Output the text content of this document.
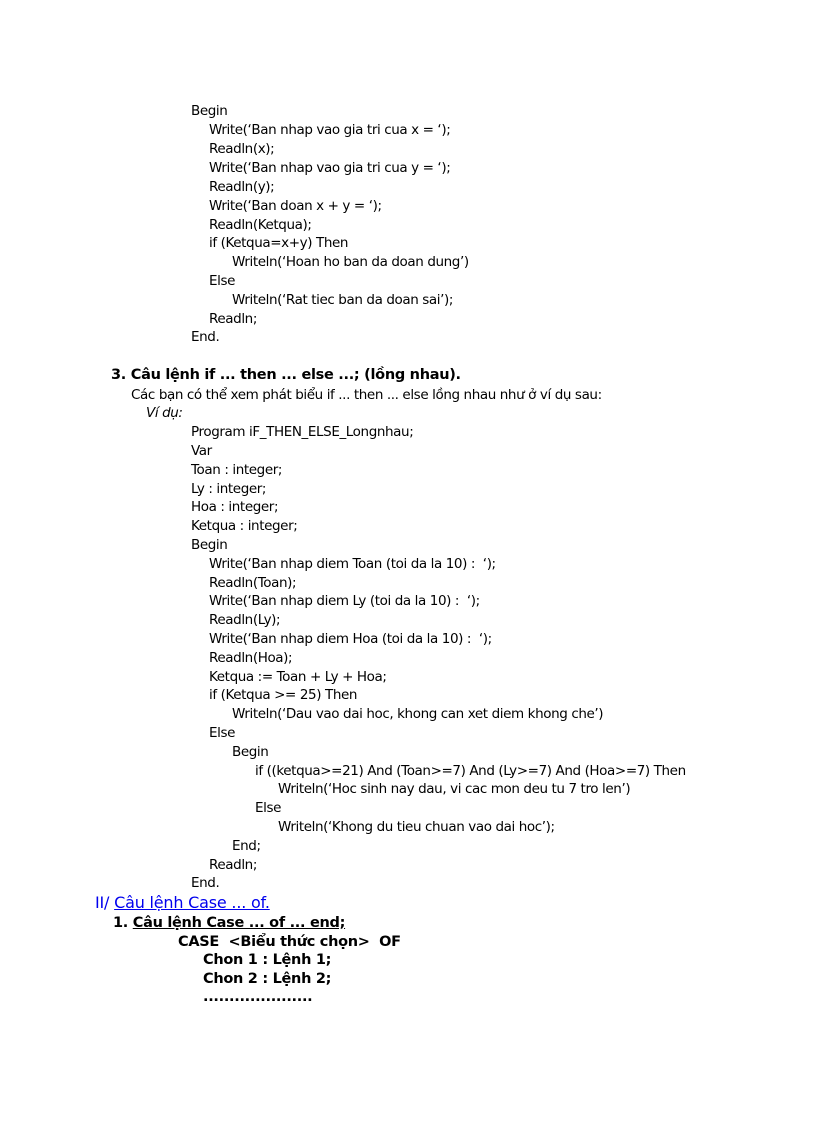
Begin
Write(‘Ban nhap vao gia tri cua x = ‘);
Readln(x);
Write(‘Ban nhap vao gia tri cua y = ‘);
Readln(y);
Write(‘Ban doan x + y = ‘);
Readln(Ketqua);
if (Ketqua=x+y) Then
Writeln(‘Hoan ho ban da doan dung’)
Else
Writeln(‘Rat tiec ban da doan sai’);
Readln;
End.
3. Câu lệnh if ... then ... else ...; (lồng nhau).
Các bạn có thể xem phát biểu if ... then ... else lồng nhau như ở ví dụ sau:
Ví dụ:
Program iF_THEN_ELSE_Longnhau;
Var
Toan : integer;
Ly : integer;
Hoa : integer;
Ketqua : integer;
Begin
Write(‘Ban nhap diem Toan (toi da la 10) :  ‘);
Readln(Toan);
Write(‘Ban nhap diem Ly (toi da la 10) :  ‘);
Readln(Ly);
Write(‘Ban nhap diem Hoa (toi da la 10) :  ‘);
Readln(Hoa);
Ketqua := Toan + Ly + Hoa;
if (Ketqua >= 25) Then
Writeln(‘Dau vao dai hoc, khong can xet diem khong che’)
Else
Begin
if ((ketqua>=21) And (Toan>=7) And (Ly>=7) And (Hoa>=7) Then
Writeln(‘Hoc sinh nay dau, vi cac mon deu tu 7 tro len’)
Else
Writeln(‘Khong du tieu chuan vao dai hoc’);
End;
Readln;
End.
II/ Câu lệnh Case ... of.
1. Câu lệnh Case ... of ... end;
CASE  <Biểu thức chọn>  OF
Chon 1 : Lệnh 1;
Chon 2 : Lệnh 2;
.....................
